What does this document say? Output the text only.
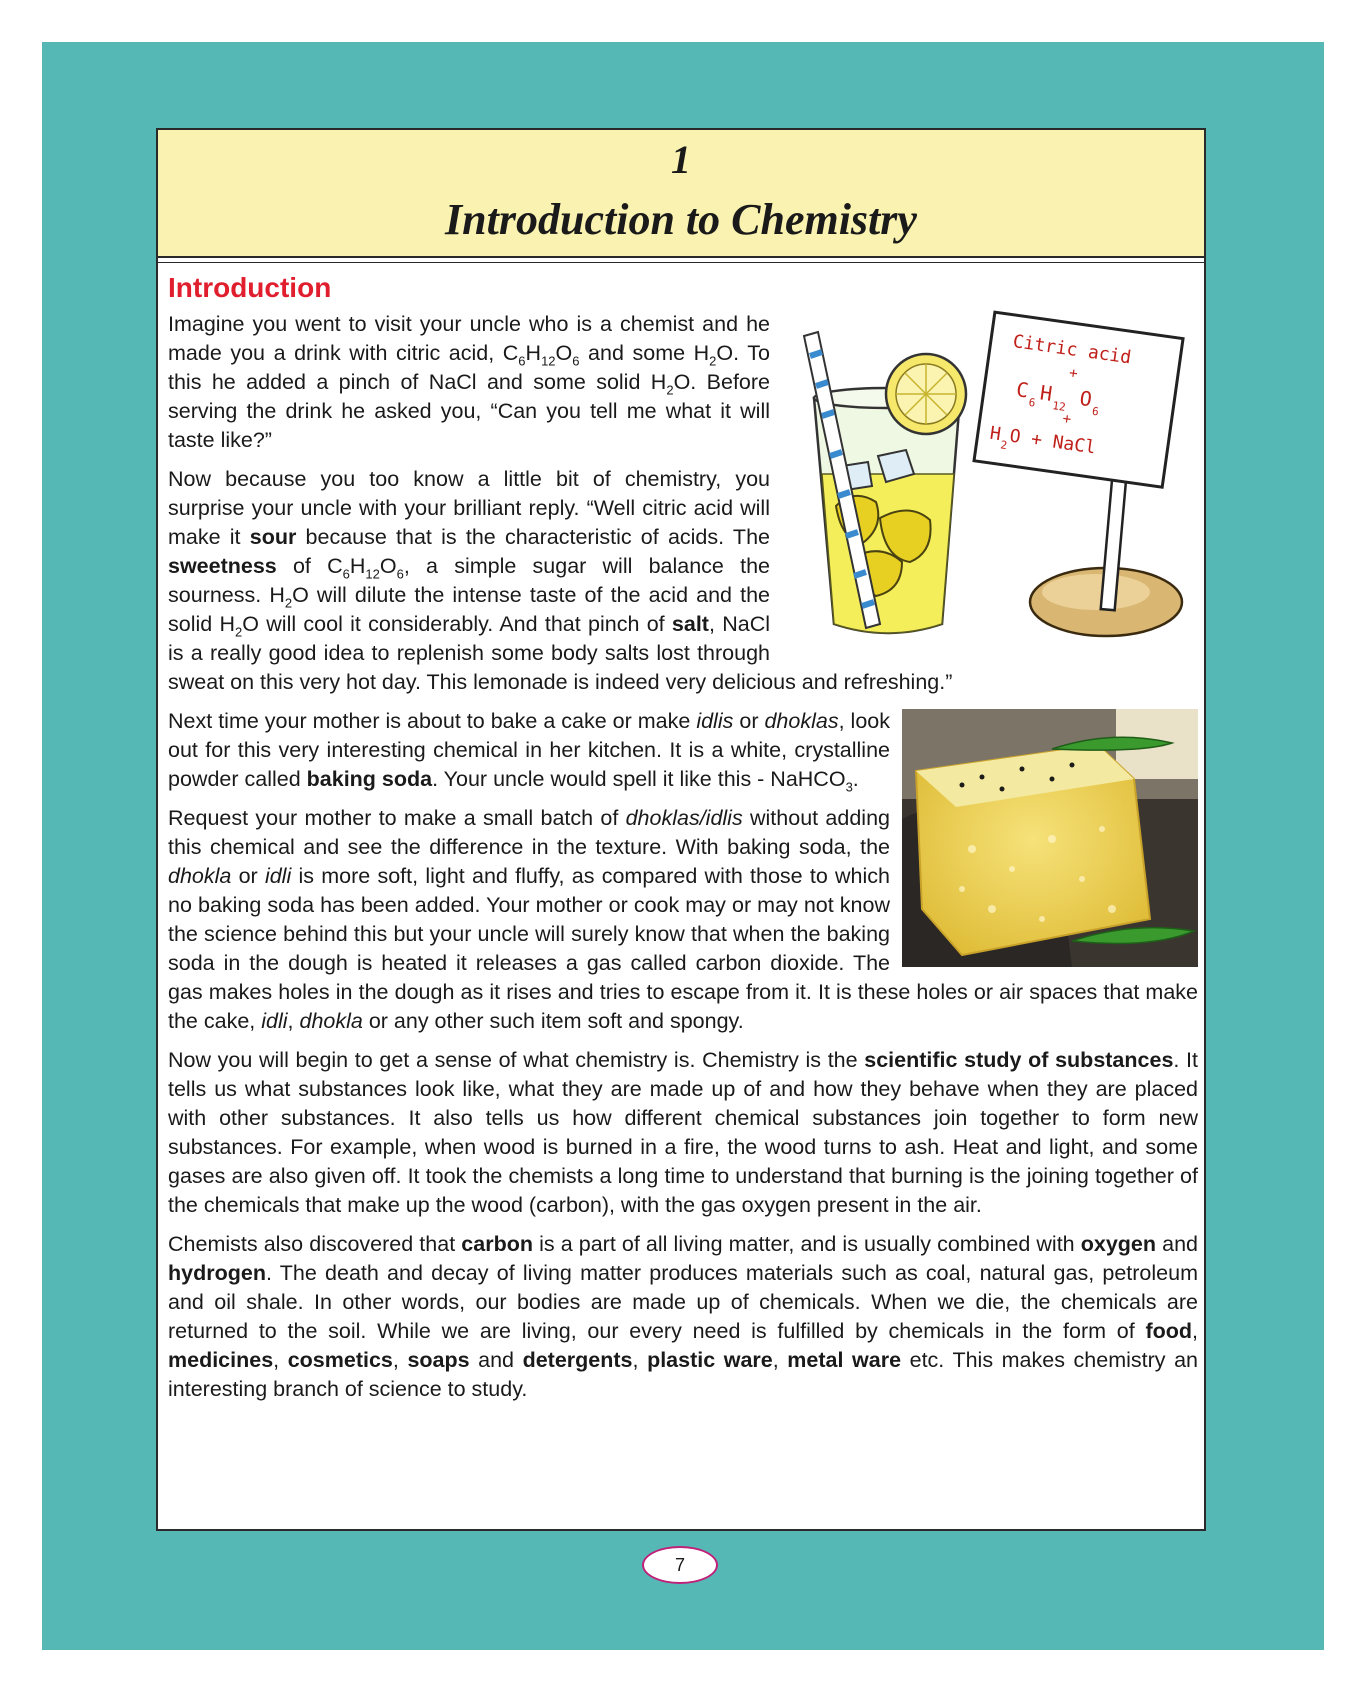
1
Introduction to Chemistry
Introduction
Citric acid
+
C
6 H
12 O
6
+
H
2 O + NaCl

Imagine you went to visit your uncle who is a chemist and he made you a drink with citric acid, $C_6H_{12}O_6$ and some $H_2O$. To this he added a pinch of NaCl and some solid $H_2O$. Before serving the drink he asked you, “Can you tell me what it will taste like?”

Now because you too know a little bit of chemistry, you surprise your uncle with your brilliant reply. “Well citric acid will make it sour because that is the characteristic of acids. The sweetness of $C_6H_{12}O_6$, a simple sugar will balance the sourness. $H_2O$ will dilute the intense taste of the acid and the solid $H_2O$ will cool it considerably. And that pinch of salt, NaCl is a really good idea to replenish some body salts lost through sweat on this very hot day. This lemonade is indeed very delicious and refreshing.”

Next time your mother is about to bake a cake or make idlis or dhoklas, look out for this very interesting chemical in her kitchen. It is a white, crystalline powder called baking soda. Your uncle would spell it like this - NaHCO$_3$.

Request your mother to make a small batch of dhoklas/idlis without adding this chemical and see the difference in the texture. With baking soda, the dhokla or idli is more soft, light and fluffy, as compared with those to which no baking soda has been added. Your mother or cook may or may not know the science behind this but your uncle will surely know that when the baking soda in the dough is heated it releases a gas called carbon dioxide. The gas makes holes in the dough as it rises and tries to escape from it. It is these holes or air spaces that make the cake, idli, dhokla or any other such item soft and spongy.

Now you will begin to get a sense of what chemistry is. Chemistry is the scientific study of substances. It tells us what substances look like, what they are made up of and how they behave when they are placed with other substances. It also tells us how different chemical substances join together to form new substances. For example, when wood is burned in a fire, the wood turns to ash. Heat and light, and some gases are also given off. It took the chemists a long time to understand that burning is the joining together of the chemicals that make up the wood (carbon), with the gas oxygen present in the air.

Chemists also discovered that carbon is a part of all living matter, and is usually combined with oxygen and hydrogen. The death and decay of living matter produces materials such as coal, natural gas, petroleum and oil shale. In other words, our bodies are made up of chemicals. When we die, the chemicals are returned to the soil. While we are living, our every need is fulfilled by chemicals in the form of food, medicines, cosmetics, soaps and detergents, plastic ware, metal ware etc. This makes chemistry an interesting branch of science to study.

7
